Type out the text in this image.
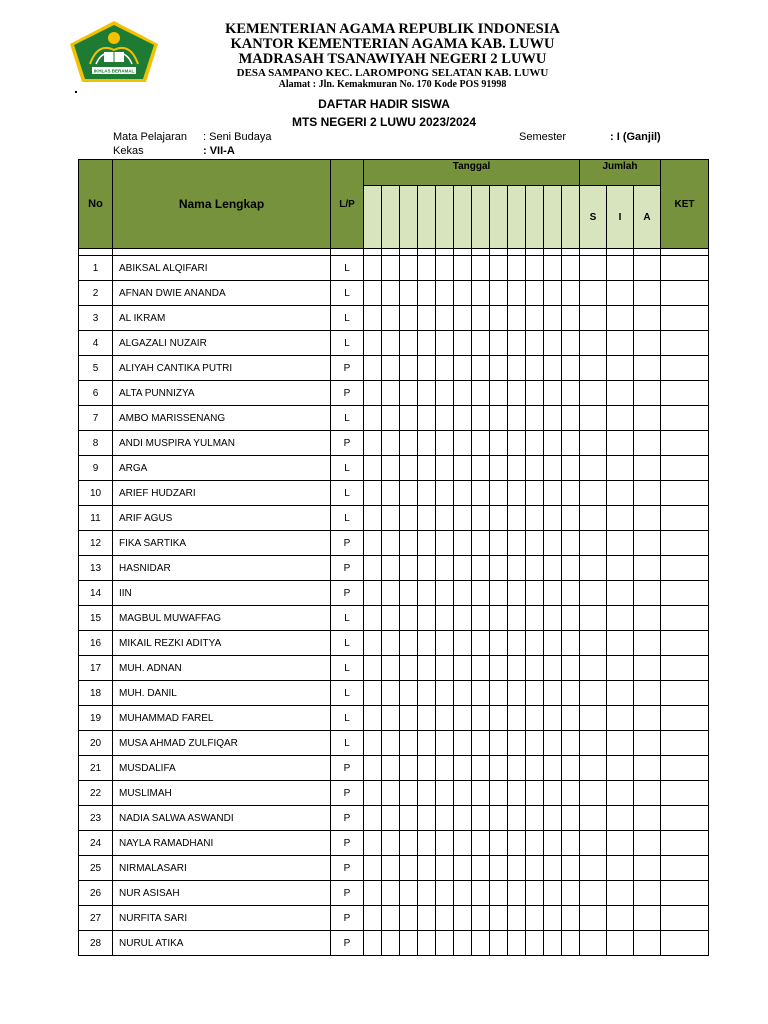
IKHLAS BERAMAL
KEMENTERIAN AGAMA REPUBLIK INDONESIA
KANTOR KEMENTERIAN AGAMA KAB. LUWU
MADRASAH TSANAWIYAH NEGERI 2 LUWU
DESA SAMPANO KEC. LAROMPONG SELATAN KAB. LUWU
Alamat : Jln. Kemakmuran No. 170 Kode POS 91998
.
DAFTAR HADIR SISWA
MTS NEGERI 2 LUWU 2023/2024
Mata Pelajaran : Seni Budaya
Kekas	: VII-A
Semester	: I (Ganjil)
No	Nama Lengkap	L/P	Tanggal												Jumlah			KET
															S	I	A	

1	ABIKSAL ALQIFARI	L																
2	AFNAN DWIE ANANDA	L																
3	AL IKRAM	L																
4	ALGAZALI NUZAIR	L																
5	ALIYAH CANTIKA PUTRI	P																
6	ALTA PUNNIZYA	P																
7	AMBO MARISSENANG	L																
8	ANDI MUSPIRA YULMAN	P																
9	ARGA	L																
10	ARIEF HUDZARI	L																
11	ARIF AGUS	L																
12	FIKA SARTIKA	P																
13	HASNIDAR	P																
14	IIN	P																
15	MAGBUL MUWAFFAG	L																
16	MIKAIL REZKI ADITYA	L																
17	MUH. ADNAN	L																
18	MUH. DANIL	L																
19	MUHAMMAD FAREL	L																
20	MUSA AHMAD ZULFIQAR	L																
21	MUSDALIFA	P																
22	MUSLIMAH	P																
23	NADIA SALWA ASWANDI	P																
24	NAYLA RAMADHANI	P																
25	NIRMALASARI	P																
26	NUR ASISAH	P																
27	NURFITA SARI	P																
28	NURUL ATIKA	P																
